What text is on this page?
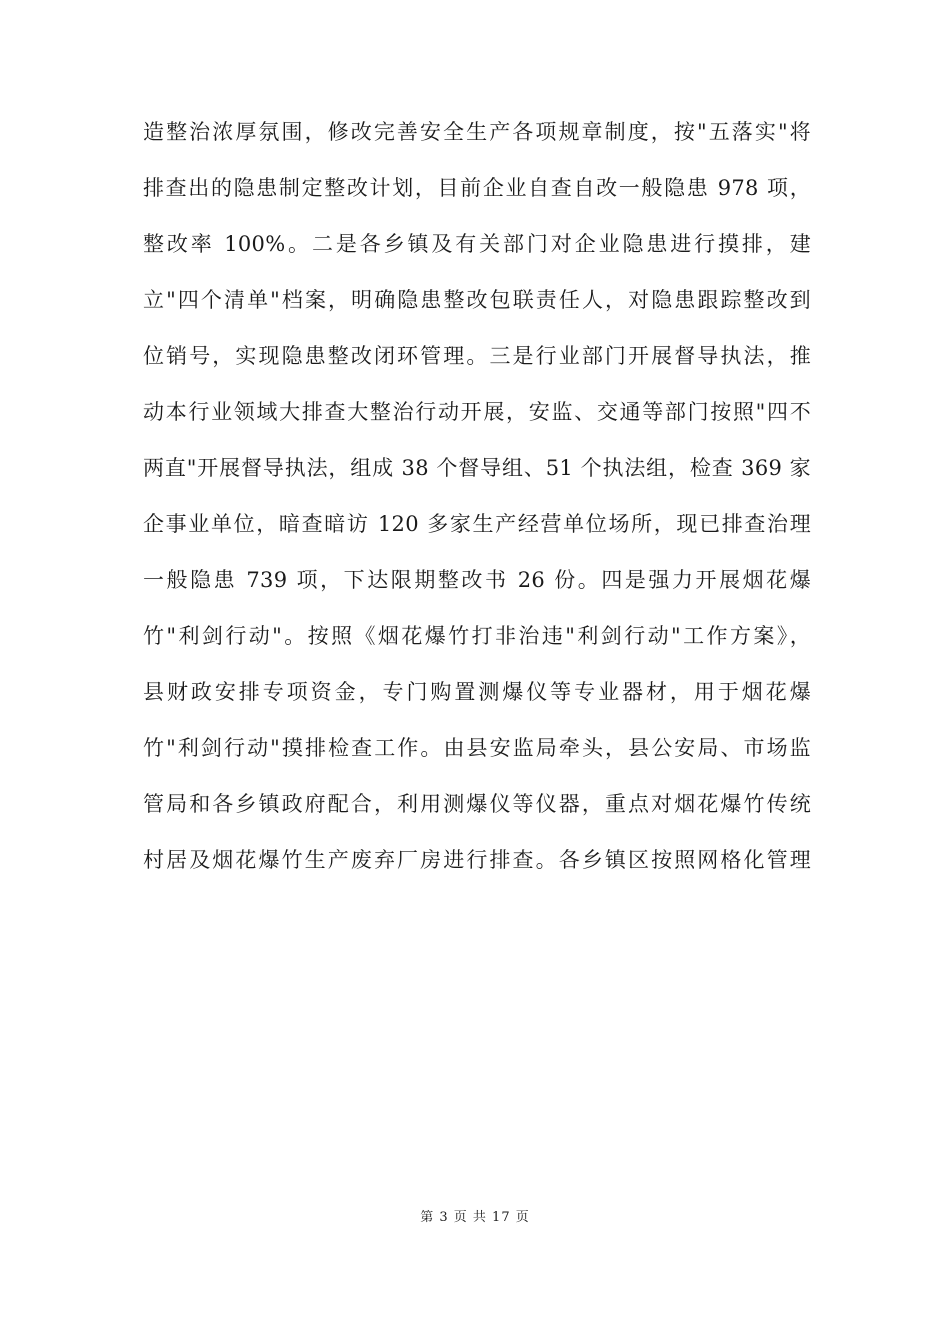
造整治浓厚氛围，修改完善安全生产各项规章制度，按"五落实"将
排查出的隐患制定整改计划，目前企业自查自改一般隐患 978 项，
整改率 100%。二是各乡镇及有关部门对企业隐患进行摸排，建
立"四个清单"档案，明确隐患整改包联责任人，对隐患跟踪整改到
位销号，实现隐患整改闭环管理。三是行业部门开展督导执法，推
动本行业领域大排查大整治行动开展，安监、交通等部门按照"四不
两直"开展督导执法，组成 38 个督导组、51 个执法组，检查 369 家
企事业单位，暗查暗访 120 多家生产经营单位场所，现已排查治理
一般隐患 739 项，下达限期整改书 26 份。四是强力开展烟花爆
竹"利剑行动"。按照《烟花爆竹打非治违"利剑行动"工作方案》，
县财政安排专项资金，专门购置测爆仪等专业器材，用于烟花爆
竹"利剑行动"摸排检查工作。由县安监局牵头，县公安局、市场监
管局和各乡镇政府配合，利用测爆仪等仪器，重点对烟花爆竹传统
村居及烟花爆竹生产废弃厂房进行排查。各乡镇区按照网格化管理
第 3 页 共 17 页
